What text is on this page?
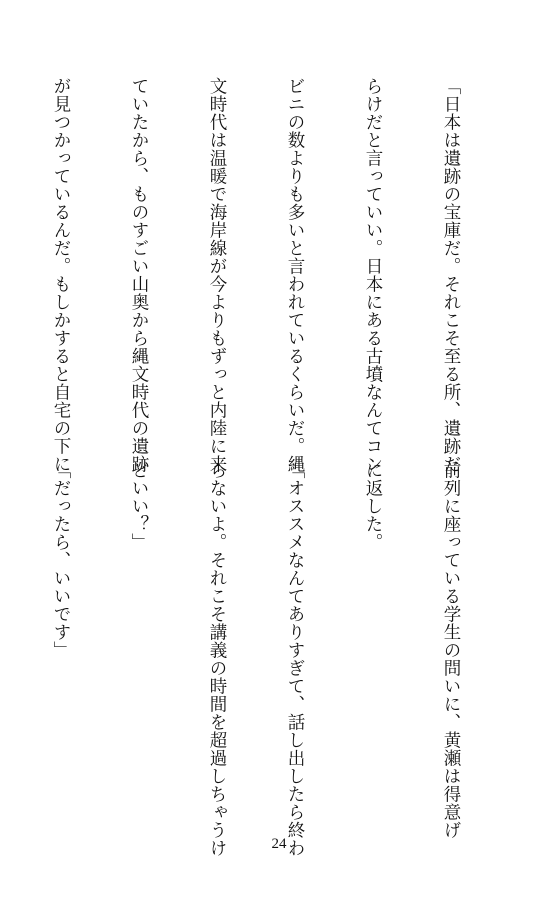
「日本は遺跡の宝庫だ。それこそ至る所、遺跡だ

らけだと言っていい。日本にある古墳なんてコン

ビニの数よりも多いと言われているくらいだ。縄

文時代は温暖で海岸線が今よりもずっと内陸に来

ていたから、ものすごい山奥から縄文時代の遺跡

が見つかっているんだ。もしかすると自宅の下に

前列に座っている学生の問いに、黄瀬は得意げ

に返した。

「オススメなんてありすぎて、話し出したら終わ

らないよ。それこそ講義の時間を超過しちゃうけ

どいい？」

「だったら、いいです」

24
